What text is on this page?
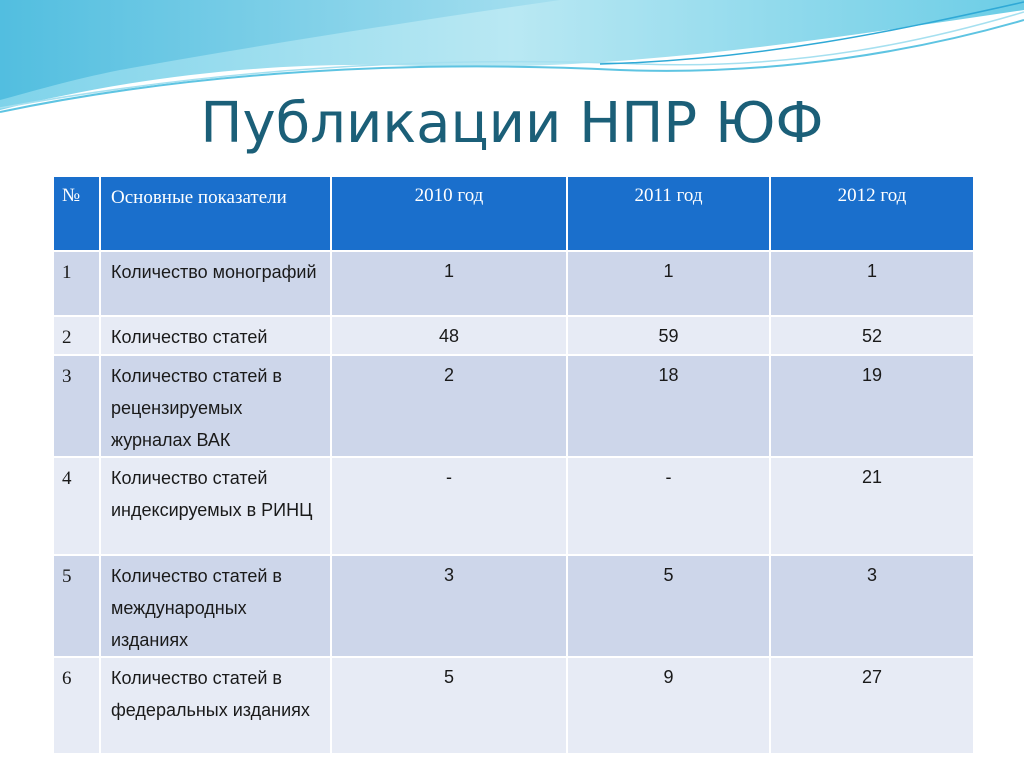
Публикации НПР ЮФ
№	Основные показатели	2010 год	2011 год	2012 год
1	Количество монографий	1	1	1
2	Количество статей	48	59	52
3	Количество статей в рецензируемых журналах ВАК	2	18	19
4	Количество статей индексируемых в РИНЦ	-	-	21
5	Количество статей в международных изданиях	3	5	3
6	Количество статей в федеральных изданиях	5	9	27
